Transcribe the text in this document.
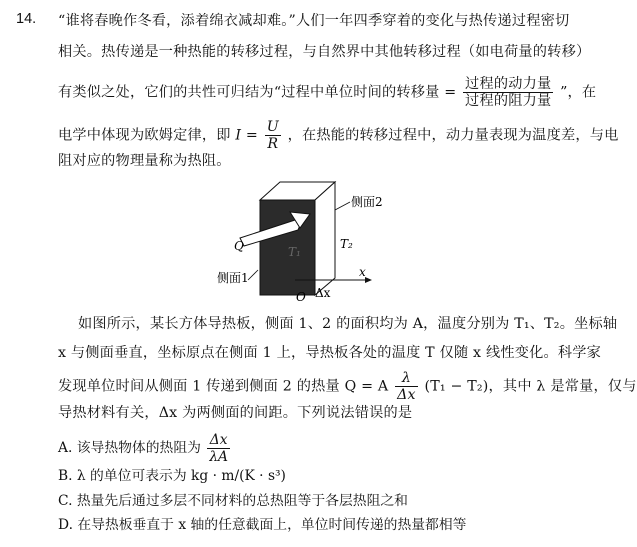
14. “谁将春晚作冬看，添着绵衣减却难。”人们一年四季穿着的变化与热传递过程密切
相关。热传递是一种热能的转移过程，与自然界中其他转移过程（如电荷量的转移）
有类似之处，它们的共性可归结为“过程中单位时间的转移量 = $\frac{\text{过程的动力量}}{\text{过程的阻力量}}$ ”，在
电学中体现为欧姆定律，即 $I = \frac{U}{R}$ ，在热能的转移过程中，动力量表现为温度差，与电
阻对应的物理量称为热阻。
侧面2
侧面1
Q	T₂
T₁
O
x
Δx
如图所示，某长方体导热板，侧面 1、2 的面积均为 A，温度分别为 T₁、T₂。坐标轴
x 与侧面垂直，坐标原点在侧面 1 上，导热板各处的温度 T 仅随 x 线性变化。科学家
发现单位时间从侧面 1 传递到侧面 2 的热量 Q = A $\frac{\lambda}{\Delta x} (T_1 - T_2)$，其中 λ 是常量，仅与
导热材料有关，Δx 为两侧面的间距。下列说法错误的是
A. 该导热物体的热阻为 $\frac{\Delta x}{\lambda A}$
B. λ 的单位可表示为 kg · m/(K · s³)
C. 热量先后通过多层不同材料的总热阻等于各层热阻之和
D. 在导热板垂直于 x 轴的任意截面上，单位时间传递的热量都相等
